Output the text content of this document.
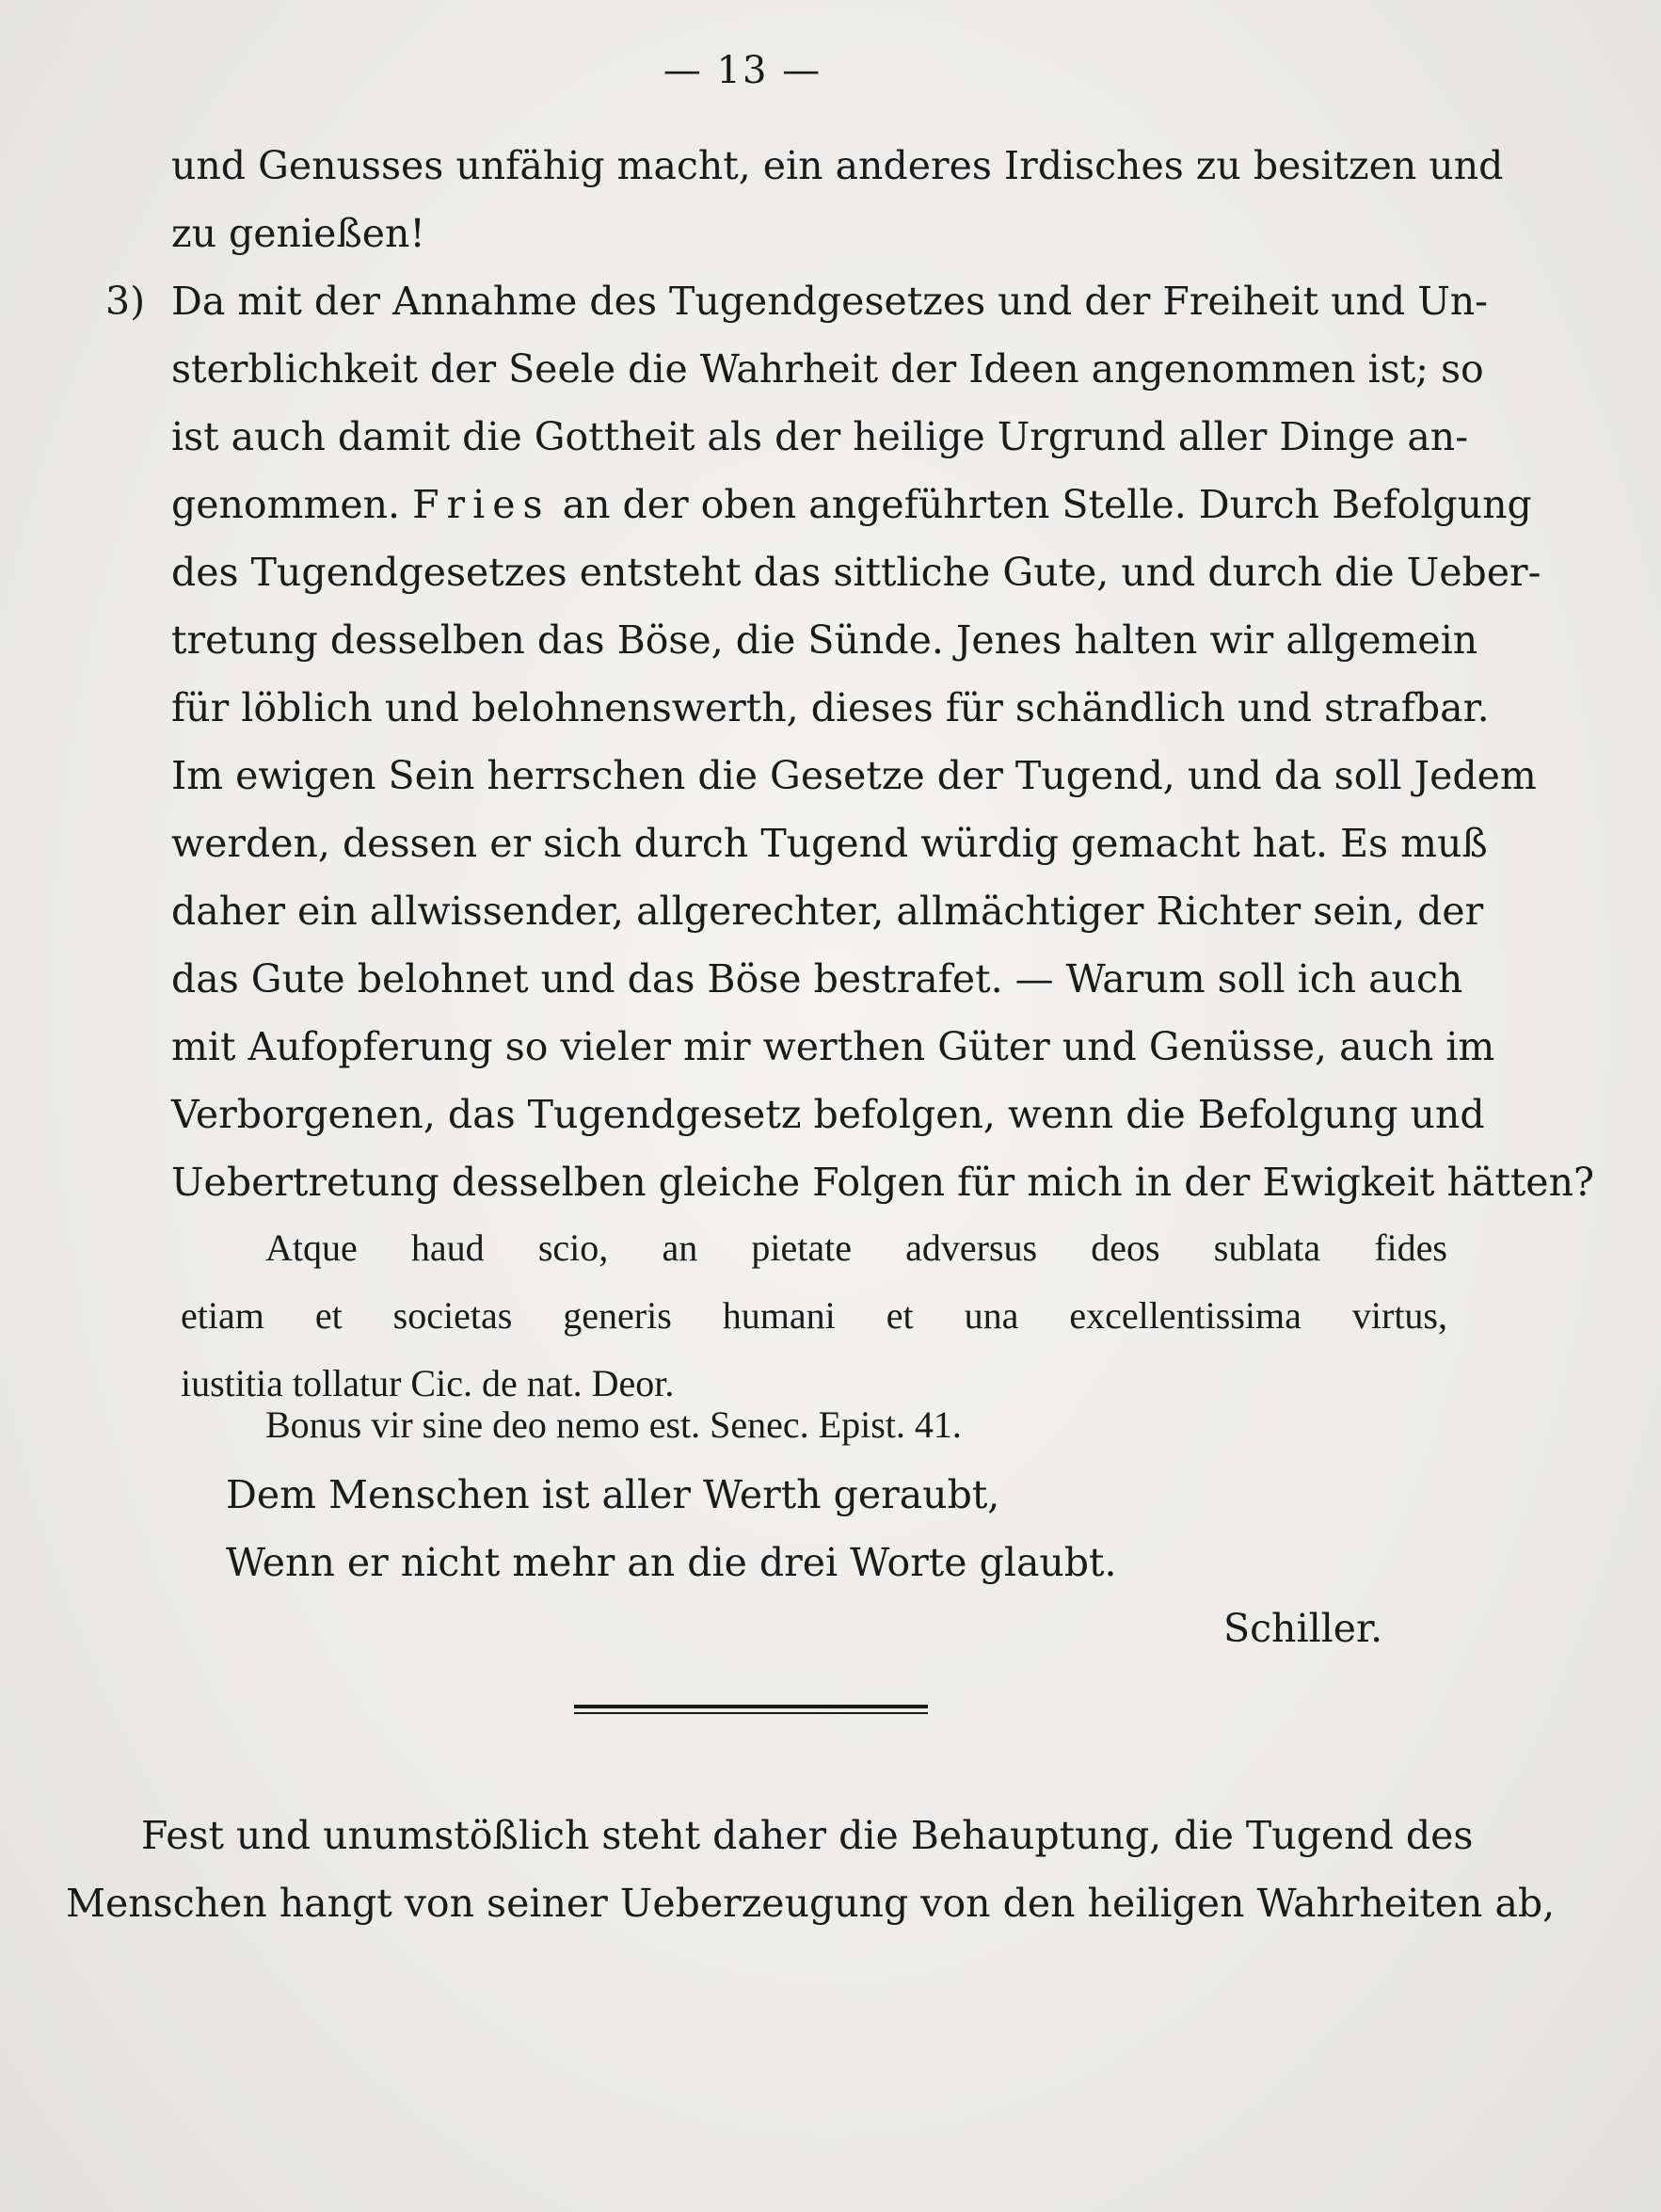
— 13 —
und Genusses unfähig macht, ein anderes Irdisches zu besitzen und
zu genießen!
3) Da mit der Annahme des Tugendgesetzes und der Freiheit und Un-
sterblichkeit der Seele die Wahrheit der Ideen angenommen ist; so
ist auch damit die Gottheit als der heilige Urgrund aller Dinge an-
genommen. Fries an der oben angeführten Stelle. Durch Befolgung
des Tugendgesetzes entsteht das sittliche Gute, und durch die Ueber-
tretung desselben das Böse, die Sünde. Jenes halten wir allgemein
für löblich und belohnenswerth, dieses für schändlich und strafbar.
Im ewigen Sein herrschen die Gesetze der Tugend, und da soll Jedem
werden, dessen er sich durch Tugend würdig gemacht hat. Es muß
daher ein allwissender, allgerechter, allmächtiger Richter sein, der
das Gute belohnet und das Böse bestrafet. — Warum soll ich auch
mit Aufopferung so vieler mir werthen Güter und Genüsse, auch im
Verborgenen, das Tugendgesetz befolgen, wenn die Befolgung und
Uebertretung desselben gleiche Folgen für mich in der Ewigkeit hätten?
Atque haud scio, an pietate adversus deos sublata fides
etiam et societas generis humani et una excellentissima virtus,
iustitia tollatur Cic. de nat. Deor.
Bonus vir sine deo nemo est. Senec. Epist. 41.
Dem Menschen ist aller Werth geraubt,
Wenn er nicht mehr an die drei Worte glaubt.
Schiller.
Fest und unumstößlich steht daher die Behauptung, die Tugend des
Menschen hangt von seiner Ueberzeugung von den heiligen Wahrheiten ab,
